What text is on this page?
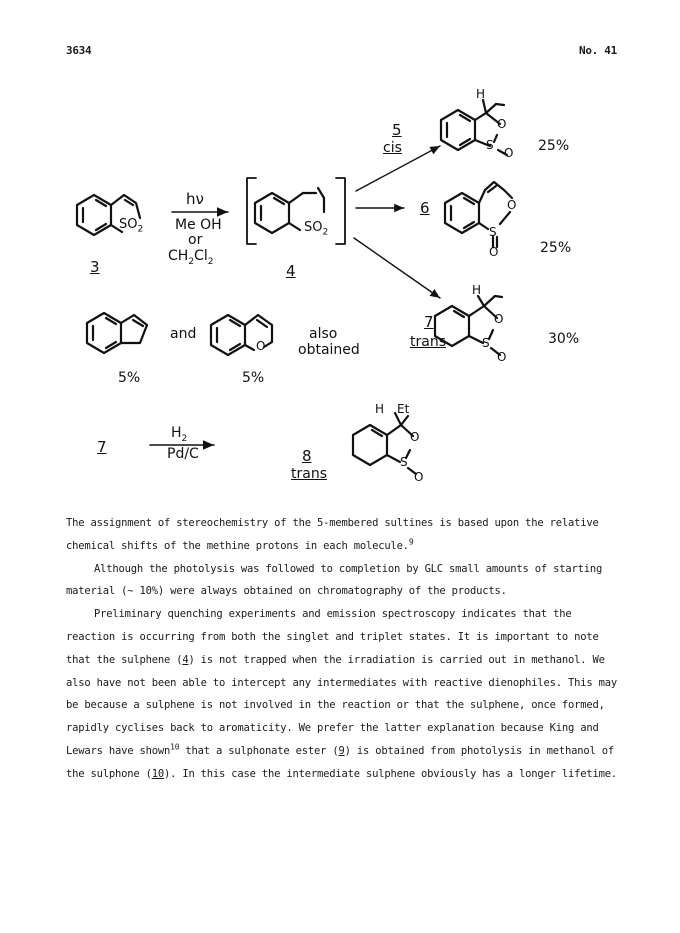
3634	No. 41
$SO_2$
3
hν
Me OH
or
$CH_2Cl_2$
$SO_2$
4
5
cis
H
O
S
O 25%
6	O
S
O	25%
7
trans
H
O
S
O
30%
and
O
also
obtained
5%	5%
7
$H_2$
Pd/C	8
trans
H Et
O
S
O

The assignment of stereochemistry of the 5-membered sultines is based upon the relative chemical shifts of the methine protons in each molecule.$^9$

Although the photolysis was followed to completion by GLC small amounts of starting material (~ 10%) were always obtained on chromatography of the products.

Preliminary quenching experiments and emission spectroscopy indicates that the reaction is occurring from both the singlet and triplet states. It is important to note that the sulphene (4) is not trapped when the irradiation is carried out in methanol. We also have not been able to intercept any intermediates with reactive dienophiles. This may be because a sulphene is not involved in the reaction or that the sulphene, once formed, rapidly cyclises back to aromaticity. We prefer the latter explanation because King and Lewars have shown$^{10}$ that a sulphonate ester (9) is obtained from photolysis in methanol of the sulphone (10). In this case the intermediate sulphene obviously has a longer lifetime.
